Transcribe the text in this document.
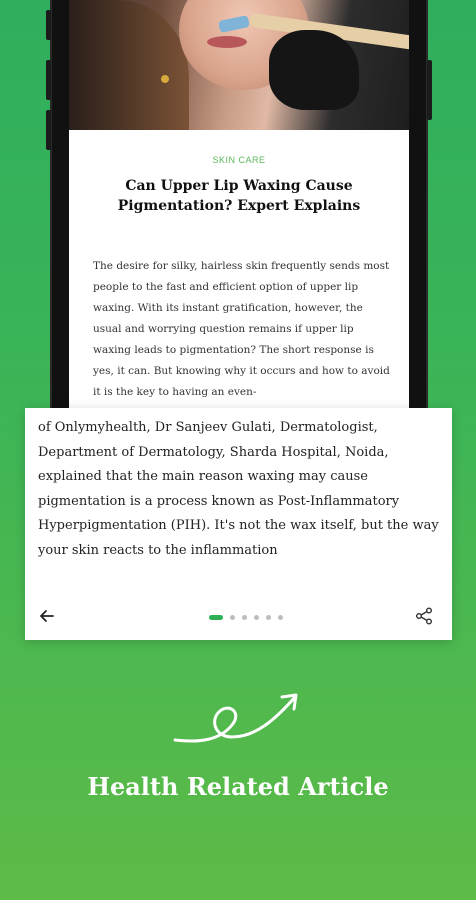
SKIN CARE
Can Upper Lip Waxing Cause Pigmentation? Expert Explains
The desire for silky, hairless skin frequently sends most people to the fast and efficient option of upper lip waxing. With its instant gratification, however, the usual and worrying question remains if upper lip waxing leads to pigmentation? The short response is yes, it can. But knowing why it occurs and how to avoid it is the key to having an even-
of Onlymyhealth, Dr Sanjeev Gulati, Dermatologist, Department of Dermatology, Sharda Hospital, Noida, explained that the main reason waxing may cause pigmentation is a process known as Post-Inflammatory Hyperpigmentation (PIH). It's not the wax itself, but the way your skin reacts to the inflammation
Health Related Article
